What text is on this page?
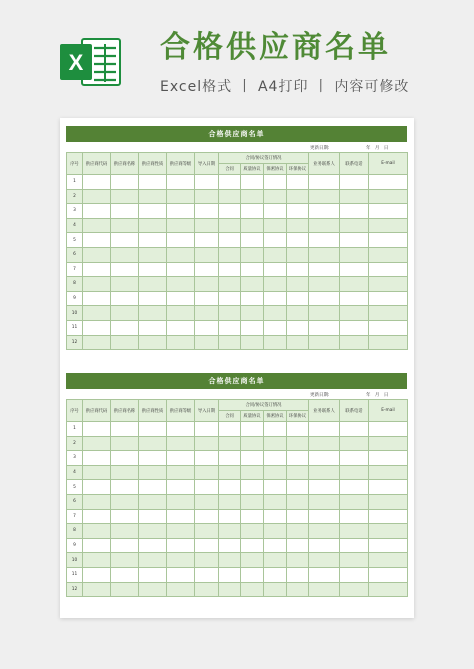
X	合格供应商名单
Excel格式 丨 A4打印 丨 内容可修改
合格供应商名单
更新日期:	年 月 日
序号	供应商代码	供应商名称	供应商性质	供应商等级	导入日期	合同/协议签订情况				业务联系人	联系电话	E-mail
						合同	质量协议	保密协议	环保协议			
1												
2												
3												
4												
5												
6												
7												
8												
9												
10												
11												
12												
合格供应商名单
更新日期:	年 月 日
序号	供应商代码	供应商名称	供应商性质	供应商等级	导入日期	合同/协议签订情况				业务联系人	联系电话	E-mail
						合同	质量协议	保密协议	环保协议			
1												
2												
3												
4												
5												
6												
7												
8												
9												
10												
11												
12												
